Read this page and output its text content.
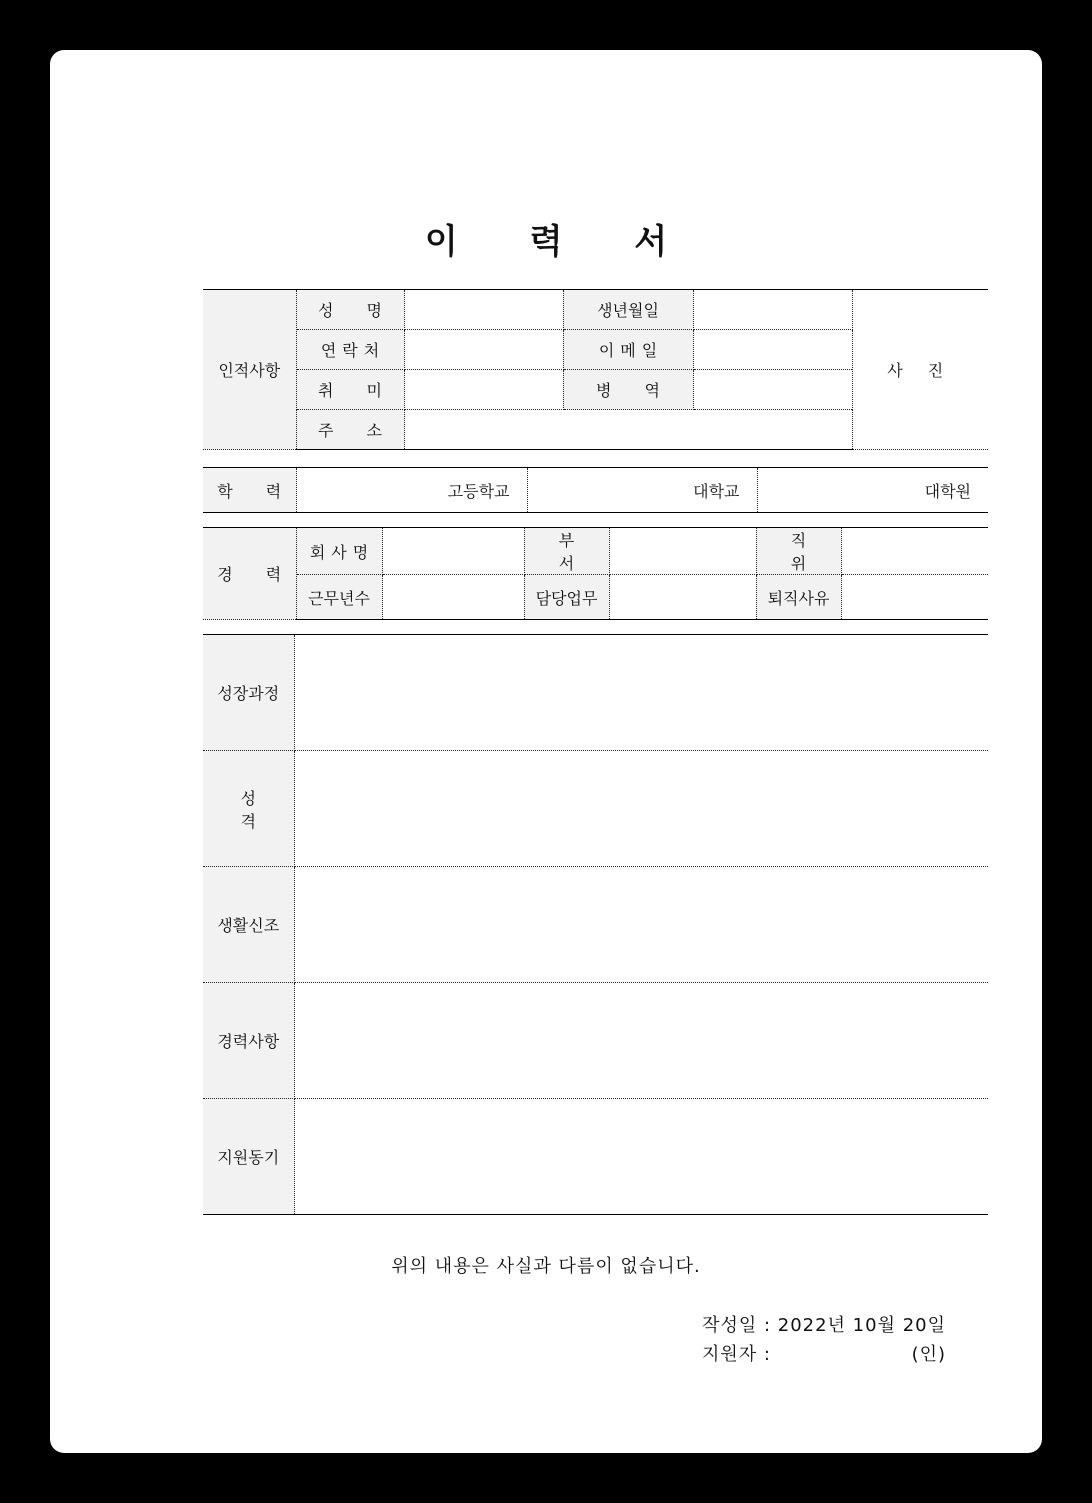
이 력 서
인적사항	성 명		생년월일		사 진
	연락처		이메일		
	취 미		병 역		
	주 소				
학 력	고등학교	대학교	대학원
경 력	회사명		부 서		직 위	
	근무년수		담당업무		퇴직사유	
성장과정	
성 격	
생활신조	
경력사항	
지원동기	
위의 내용은 사실과 다름이 없습니다.
작성일 : 2022년 10월 20일
지원자 :	(인)
